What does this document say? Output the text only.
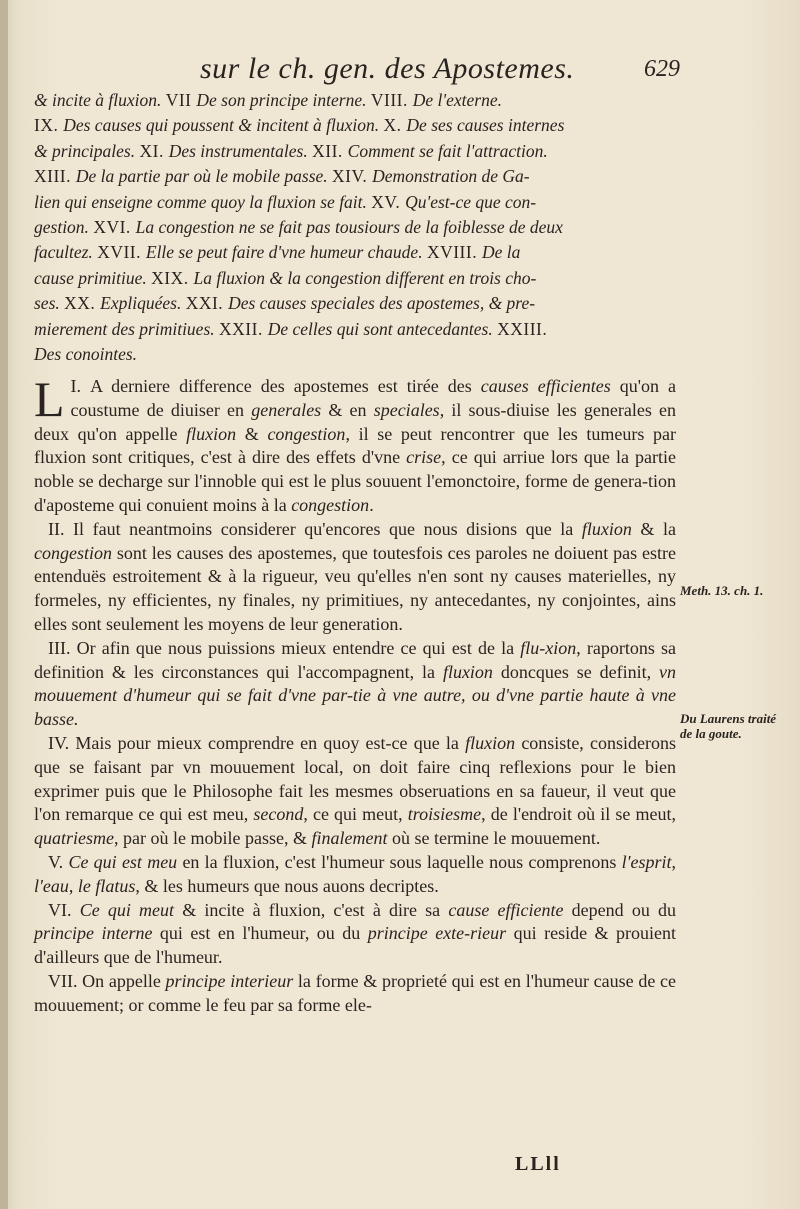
sur le ch. gen. des Apostemes.	629

& incite à fluxion. VII De son principe interne. VIII. De l'externe.

IX. Des causes qui poussent & incitent à fluxion. X. De ses causes internes

& principales. XI. Des instrumentales. XII. Comment se fait l'attraction.

XIII. De la partie par où le mobile passe. XIV. Demonstration de Ga-

lien qui enseigne comme quoy la fluxion se fait. XV. Qu'est-ce que con-

gestion. XVI. La congestion ne se fait pas tousiours de la foiblesse de deux

facultez. XVII. Elle se peut faire d'vne humeur chaude. XVIII. De la

cause primitiue. XIX. La fluxion & la congestion different en trois cho-

ses. XX. Expliquées. XXI. Des causes speciales des apostemes, & pre-

mierement des primitiues. XXII. De celles qui sont antecedantes. XXIII.

Des conointes.

I.
L A derniere difference des apostemes est tirée des causes efficientes qu'on a coustume de diuiser en generales & en speciales, il sous-diuise les generales en deux qu'on appelle fluxion & congestion, il se peut rencontrer que les tumeurs par fluxion sont critiques, c'est à dire des effets d'vne crise, ce qui arriue lors que la partie noble se decharge sur l'innoble qui est le plus souuent l'emonctoire, forme de genera-tion d'aposteme qui conuient moins à la congestion.

II. Il faut neantmoins considerer qu'encores que nous disions que la fluxion & la congestion sont les causes des apostemes, que toutesfois ces paroles ne doiuent pas estre entenduës estroitement & à la rigueur, veu qu'elles n'en sont ny causes materielles, ny formeles, ny efficientes, ny finales, ny primitiues, ny antecedantes, ny conjointes, ains elles sont seulement les moyens de leur generation.

III. Or afin que nous puissions mieux entendre ce qui est de la flu-xion, raportons sa definition & les circonstances qui l'accompagnent, la fluxion doncques se definit, vn mouuement d'humeur qui se fait d'vne par-tie à vne autre, ou d'vne partie haute à vne basse.

IV. Mais pour mieux comprendre en quoy est-ce que la fluxion consiste, considerons que se faisant par vn mouuement local, on doit faire cinq reflexions pour le bien exprimer puis que le Philosophe fait les mesmes obseruations en sa faueur, il veut que l'on remarque ce qui est meu, second, ce qui meut, troisiesme, de l'endroit où il se meut, quatriesme, par où le mobile passe, & finalement où se termine le mouuement.

V. Ce qui est meu en la fluxion, c'est l'humeur sous laquelle nous comprenons l'esprit, l'eau, le flatus, & les humeurs que nous auons decriptes.

VI. Ce qui meut & incite à fluxion, c'est à dire sa cause efficiente depend ou du principe interne qui est en l'humeur, ou du principe exte-rieur qui reside & prouient d'ailleurs que de l'humeur.

VII. On appelle principe interieur la forme & proprieté qui est en l'humeur cause de ce mouuement; or comme le feu par sa forme ele-

Meth. 13. ch. 1.
Du Laurens traité de la goute.
LLll
